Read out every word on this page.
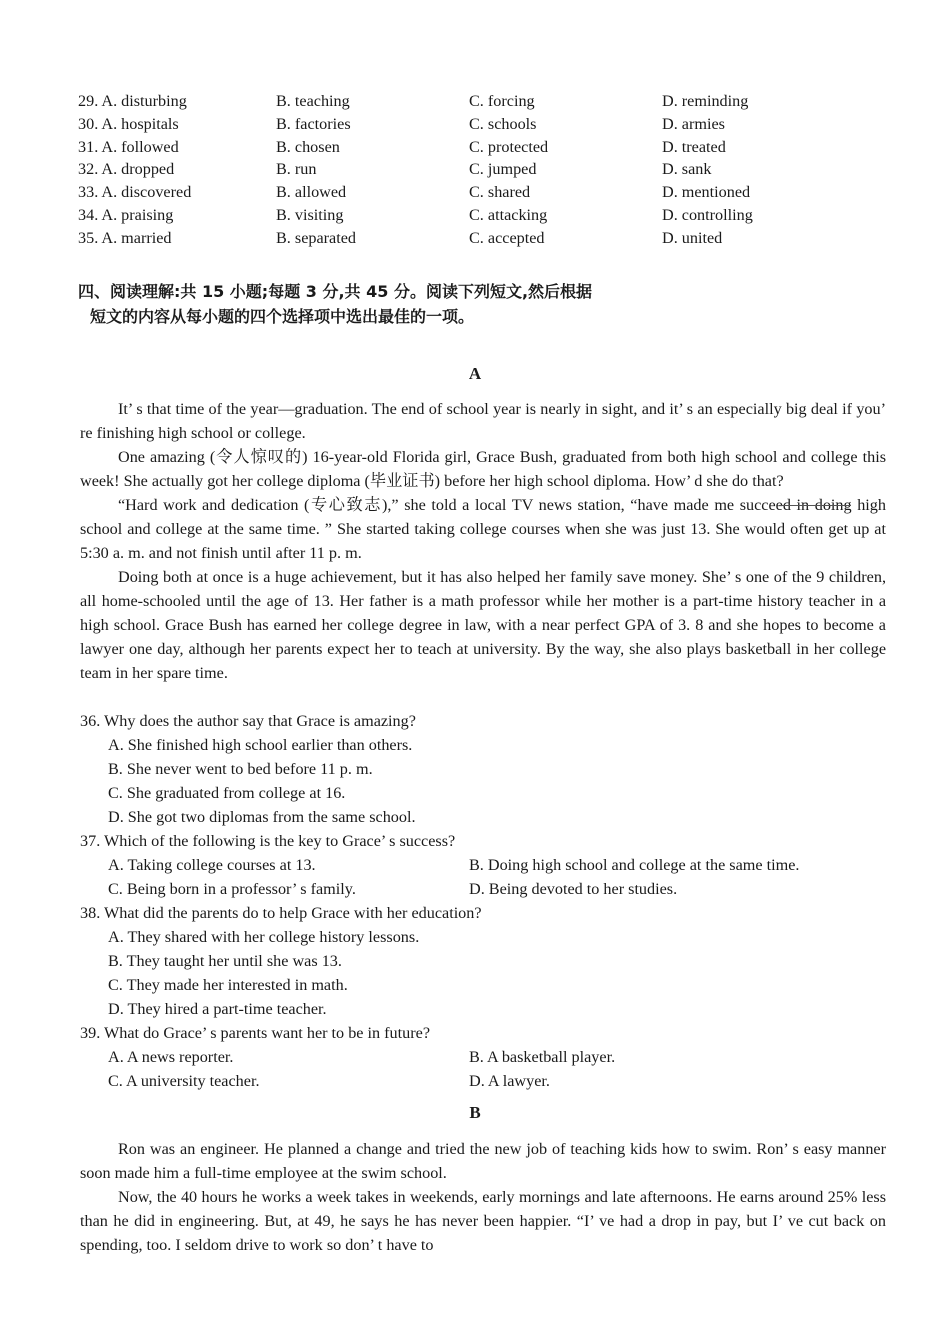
29. A. disturbing	B. teaching	C. forcing	D. reminding
30. A. hospitals	B. factories	C. schools	D. armies
31. A. followed	B. chosen	C. protected	D. treated
32. A. dropped	B. run	C. jumped	D. sank
33. A. discovered	B. allowed	C. shared	D. mentioned
34. A. praising	B. visiting	C. attacking	D. controlling
35. A. married	B. separated	C. accepted	D. united
四、阅读理解:共 15 小题;每题 3 分,共 45 分。阅读下列短文,然后根据
短文的内容从每小题的四个选择项中选出最佳的一项。
A

It’ s that time of the year—graduation. The end of school year is nearly in sight, and it’ s an especially big deal if you’ re finishing high school or college.

One amazing (令人惊叹的) 16-year-old Florida girl, Grace Bush, graduated from both high school and college this week! She actually got her college diploma (毕业证书) before her high school diploma. How’ d she do that?

“Hard work and dedication (专心致志),” she told a local TV news station, “have made me succeed in doing high school and college at the same time. ” She started taking college courses when she was just 13. She would often get up at 5:30 a. m. and not finish until after 11 p. m.

Doing both at once is a huge achievement, but it has also helped her family save money. She’ s one of the 9 children, all home-schooled until the age of 13. Her father is a math professor while her mother is a part-time history teacher in a high school. Grace Bush has earned her college degree in law, with a near perfect GPA of 3. 8 and she hopes to become a lawyer one day, although her parents expect her to teach at university. By the way, she also plays basketball in her college team in her spare time.

36. Why does the author say that Grace is amazing?

A. She finished high school earlier than others.

B. She never went to bed before 11 p. m.

C. She graduated from college at 16.

D. She got two diplomas from the same school.

37. Which of the following is the key to Grace’ s success?

A. Taking college courses at 13.	B. Doing high school and college at the same time.
C. Being born in a professor’ s family.	D. Being devoted to her studies.

38. What did the parents do to help Grace with her education?

A. They shared with her college history lessons.

B. They taught her until she was 13.

C. They made her interested in math.

D. They hired a part-time teacher.

39. What do Grace’ s parents want her to be in future?

A. A news reporter.	B. A basketball player.
C. A university teacher.	D. A lawyer.
B

Ron was an engineer. He planned a change and tried the new job of teaching kids how to swim. Ron’ s easy manner soon made him a full-time employee at the swim school.

Now, the 40 hours he works a week takes in weekends, early mornings and late afternoons. He earns around 25% less than he did in engineering. But, at 49, he says he has never been happier. “I’ ve had a drop in pay, but I’ ve cut back on spending, too. I seldom drive to work so don’ t have to
